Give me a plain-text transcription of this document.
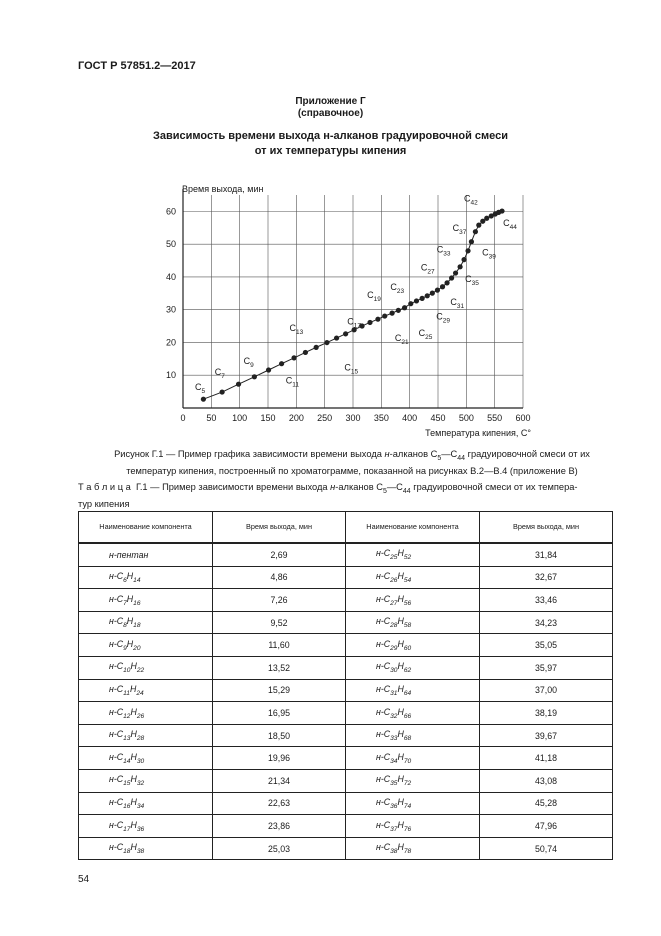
ГОСТ Р 57851.2—2017
Приложение Г
(справочное)
Зависимость времени выхода н-алканов градуировочной смеси
от их температуры кипения
0 50 100 150 200 250 300 350 400 450 500 550 600
10
20
30
40
50
60
$C_5$
$C_7$
$C_9$
$C_{11}$
$C_{13}$
$C_{15}$
$C_{17}$
$C_{19}$
$C_{21}$
$C_{23}$
$C_{25}$
$C_{27}$
$C_{29}$
$C_{31}$
$C_{33}$
$C_{35}$
$C_{37}$
$C_{39}$
$C_{42}$
$C_{44}$
Время выхода, мин
Температура кипения, С°
Рисунок Г.1 — Пример графика зависимости времени выхода н-алканов $С_5—С_{44}$ градуировочной смеси от их
температур кипения, построенный по хроматограмме, показанной на рисунках В.2—В.4 (приложение В)
Т а б л и ц а  Г.1 — Пример зависимости времени выхода н-алканов $С_5—С_{44}$ градуировочной смеси от их темпера-
тур кипения
Наименование компонента	Время выхода, мин	Наименование компонента	Время выхода, мин
н-пентан	2,69	$н-C_{25}H_{52}$	31,84
$н-C_6H_{14}$	4,86	$н-C_{26}H_{54}$	32,67
$н-C_7H_{16}$	7,26	$н-C_{27}H_{56}$	33,46
$н-C_8H_{18}$	9,52	$н-C_{28}H_{58}$	34,23
$н-C_9H_{20}$	11,60	$н-C_{29}H_{60}$	35,05
$н-C_{10}H_{22}$	13,52	$н-C_{30}H_{62}$	35,97
$н-C_{11}H_{24}$	15,29	$н-C_{31}H_{64}$	37,00
$н-C_{12}H_{26}$	16,95	$н-C_{32}H_{66}$	38,19
$н-C_{13}H_{28}$	18,50	$н-C_{33}H_{68}$	39,67
$н-C_{14}H_{30}$	19,96	$н-C_{34}H_{70}$	41,18
$н-C_{15}H_{32}$	21,34	$н-C_{35}H_{72}$	43,08
$н-C_{16}H_{34}$	22,63	$н-C_{36}H_{74}$	45,28
$н-C_{17}H_{36}$	23,86	$н-C_{37}H_{76}$	47,96
$н-C_{18}H_{38}$	25,03	$н-C_{38}H_{78}$	50,74
54
